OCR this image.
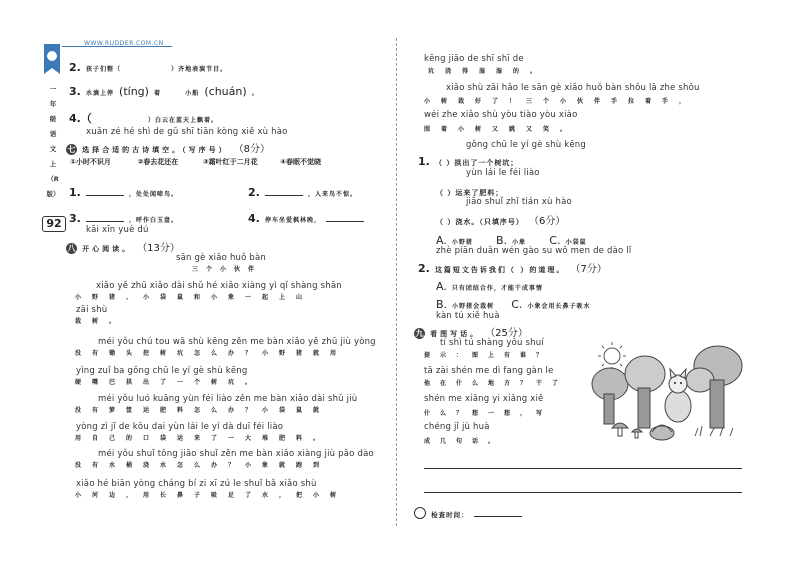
WWW.RUDDER.COM.CN
一
年
级
语
文
上
（R
版）
92
2. 孩子们整（	）齐地表演节目。
3. 水滴上停 (tíng) 着	小船 (chuán) 。
4.（	）白云在蓝天上飘着。
xuǎn zé hé shì de gǔ shī tiān kòng xiě xù hào
七 选择合适的古诗填空。（写序号） （8分）
①小时不识月	②春去花还在	③霜叶红于二月花	④春眠不觉晓
1.	，处处闻啼鸟。	2.	，人来鸟不惊。
3.	，呼作白玉盘。	4. 停车坐爱枫林晚，
kāi xīn yuè dú
八 开心阅读。 （13分）
sān gè xiǎo huǒ bàn
三个小伙伴
xiǎo yě zhū xiǎo dài shǔ hé xiǎo xiàng yì qǐ shàng shān
小野猪、小袋鼠和小象一起上山
zāi shù
栽树。
méi yǒu chú tou wā shù kēng zěn me bàn xiǎo yě zhū jiù yòng
没有锄头挖树坑怎么办？小野猪就用
yìng zuǐ ba gǒng chū le yí gè shù kēng
硬嘴巴拱出了一个树坑。
méi yǒu luó kuāng yùn féi liào zěn me bàn xiǎo dài shǔ jiù
没有箩筐运肥料怎么办？小袋鼠就
yòng zì jǐ de kǒu dai yùn lái le yí dà duī féi liào
用自己的口袋运来了一大堆肥料。
méi yǒu shuǐ tǒng jiāo shuǐ zěn me bàn xiǎo xiàng jiù pǎo dào
没有水桶浇水怎么办？小象就跑到
xiǎo hé biān yòng cháng bí zi xī zú le shuǐ bǎ xiǎo shù
小河边，用长鼻子吸足了水，把小树
kēng jiāo de shī shī de
坑浇得湿湿的。
xiǎo shù zāi hǎo le sān gè xiǎo huǒ bàn shǒu lā zhe shǒu
小树栽好了！三个小伙伴手拉着手，
wéi zhe xiǎo shù yòu tiào yòu xiào
围着小树又跳又笑。
gǒng chū le yí gè shù kēng
1. （ ）拱出了一个树坑；
yùn lái le féi liào
（ ）运来了肥料；
jiāo shuǐ zhǐ tián xù hào
（ ）浇水。（只填序号） （6分）
A. 小野猪 B. 小象 C. 小袋鼠
zhè piān duǎn wén gào su wǒ men de dào lǐ
2. 这篇短文告诉我们（ ）的道理。 （7分）
A. 只有团结合作，才能干成事情
B. 小野猪会栽树 C. 小象会用长鼻子吸水
kàn tú xiě huà
九 看图写话。 （25分）
tí shì tú shàng yǒu shuí
提示：图上有谁？
tā zài shén me dì fang gàn le
他在什么地方？干了
shén me xiǎng yi xiǎng xiě
什么？想一想，写
chéng jǐ jù huà
成几句话。
检查时间：
